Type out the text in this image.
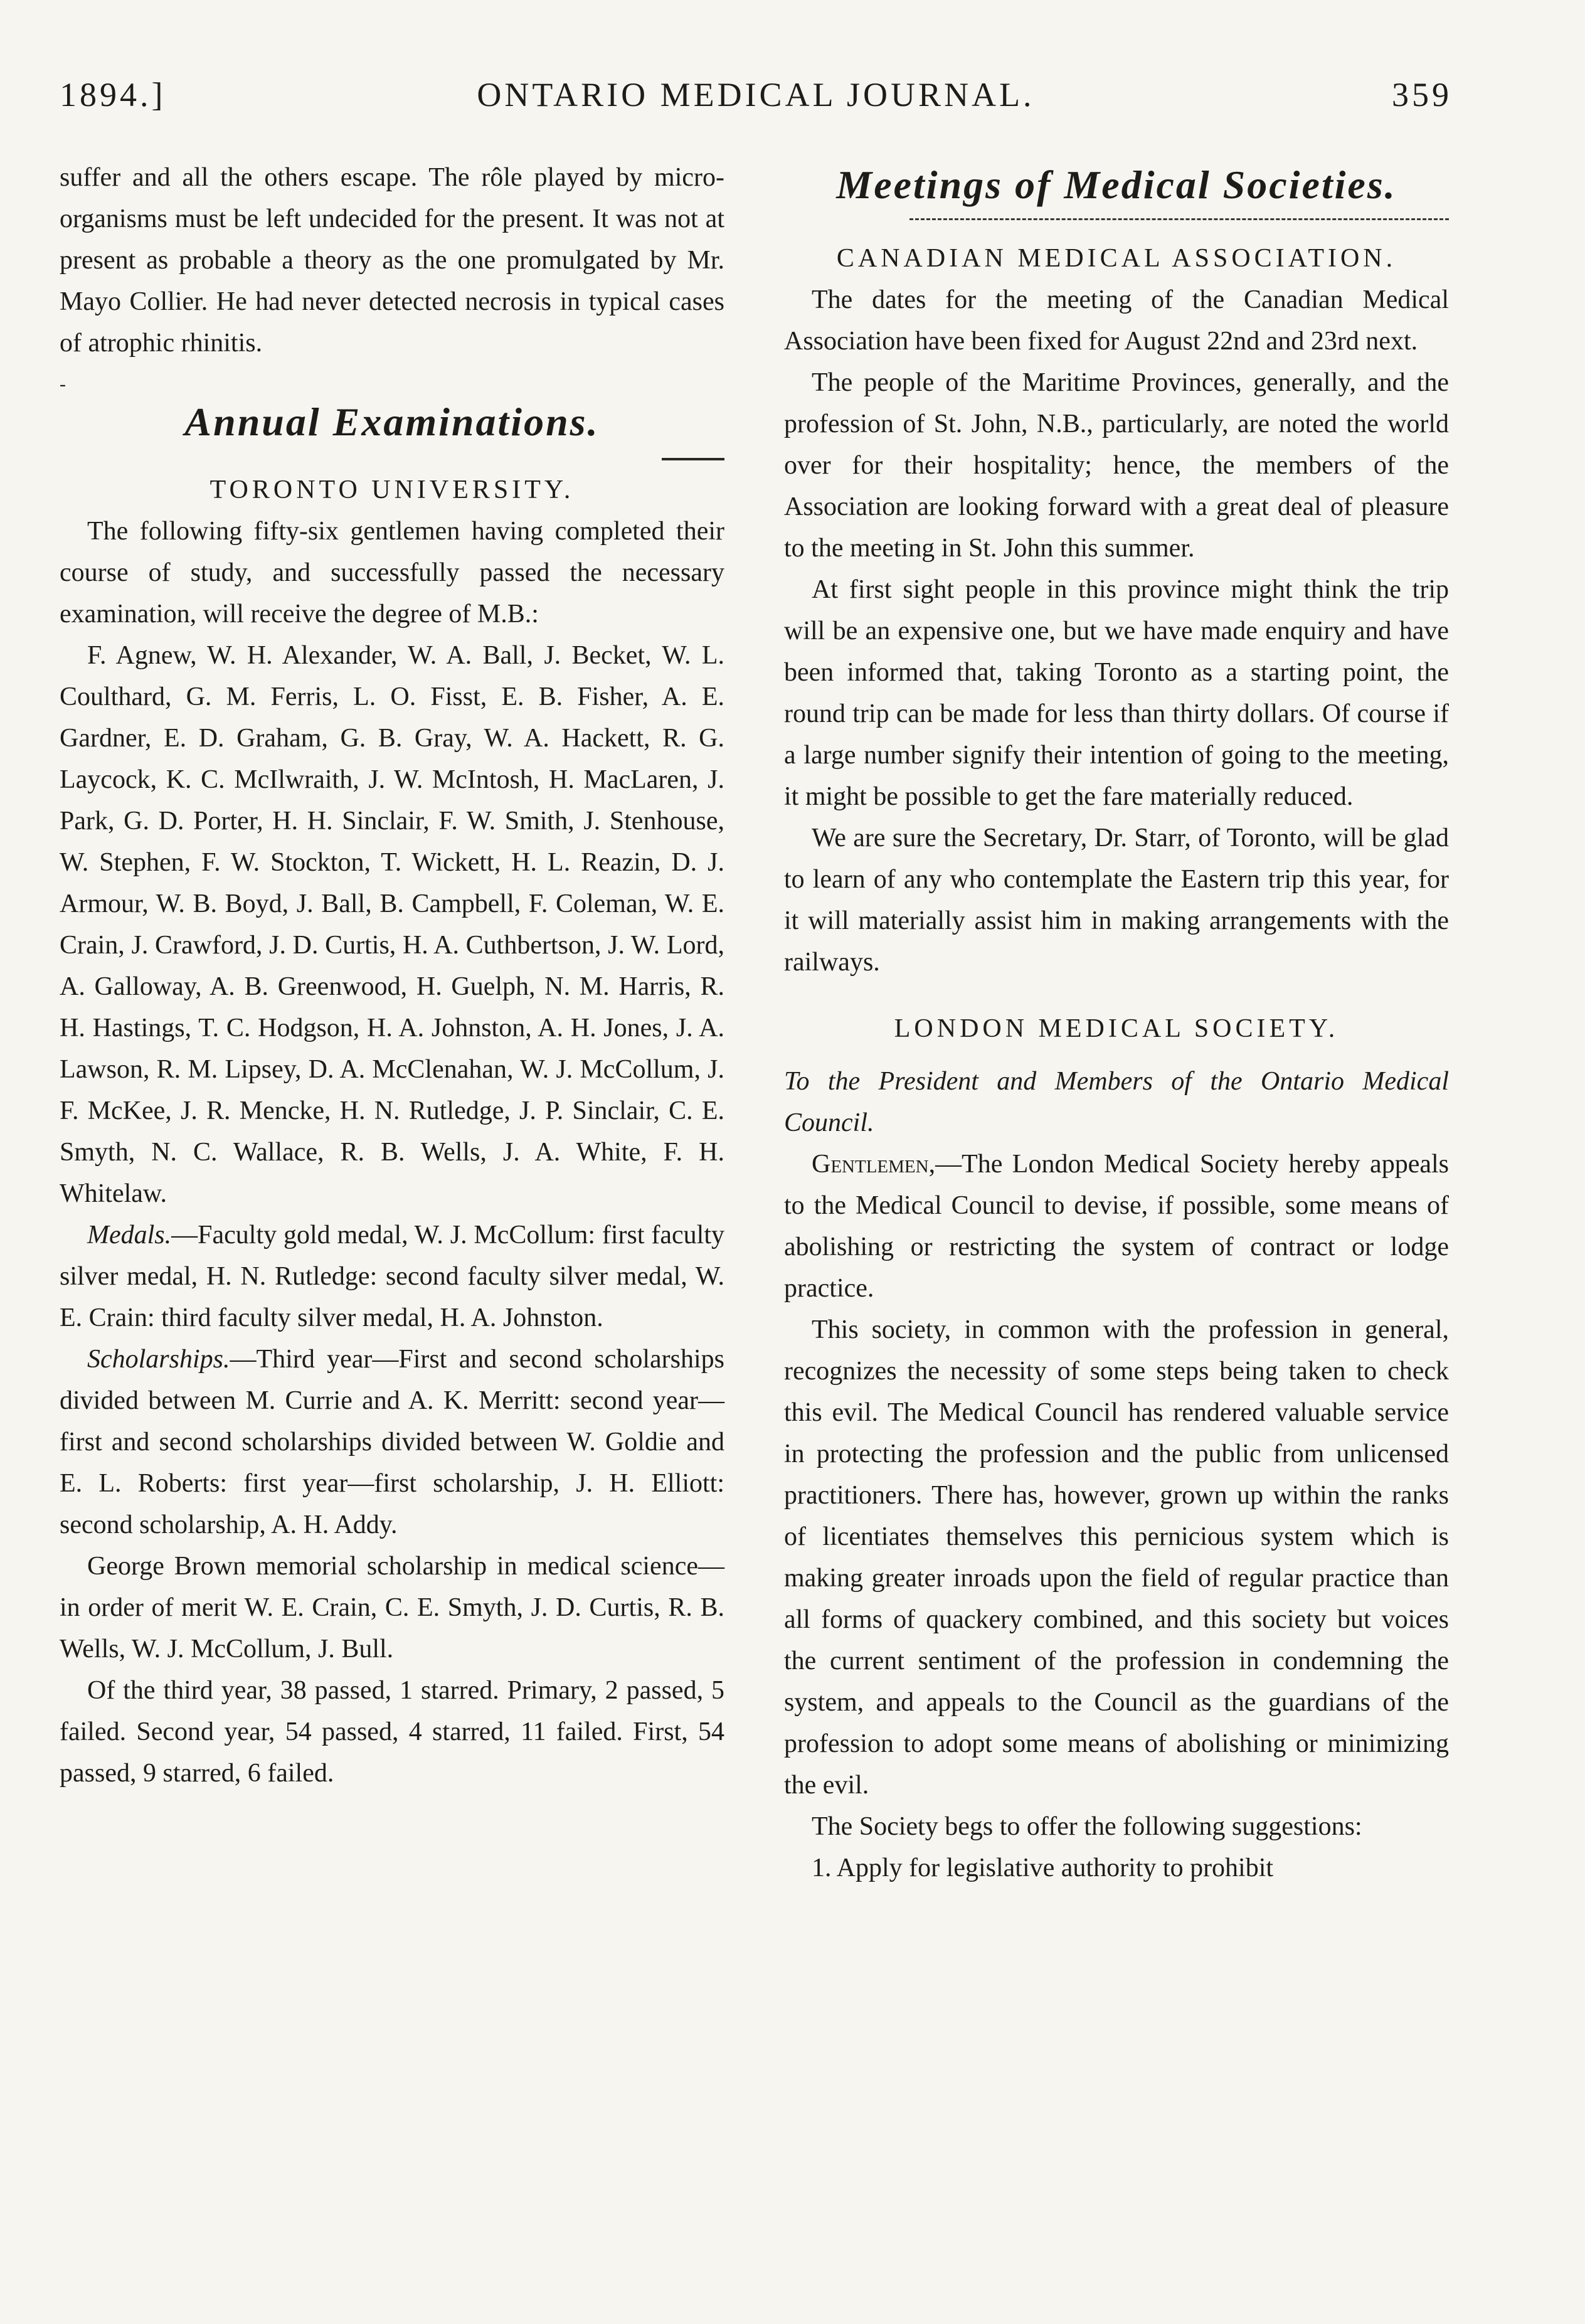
1894.]	ONTARIO MEDICAL JOURNAL.	359

suffer and all the others escape. The rôle played by micro-organisms must be left undecided for the present. It was not at present as probable a theory as the one promulgated by Mr. Mayo Collier. He had never detected necrosis in typical cases of atrophic rhinitis.

-
Annual Examinations.
TORONTO UNIVERSITY.

The following fifty-six gentlemen having completed their course of study, and successfully passed the necessary examination, will receive the degree of M.B.:

F. Agnew, W. H. Alexander, W. A. Ball, J. Becket, W. L. Coulthard, G. M. Ferris, L. O. Fisst, E. B. Fisher, A. E. Gardner, E. D. Graham, G. B. Gray, W. A. Hackett, R. G. Laycock, K. C. McIlwraith, J. W. McIntosh, H. MacLaren, J. Park, G. D. Porter, H. H. Sinclair, F. W. Smith, J. Stenhouse, W. Stephen, F. W. Stockton, T. Wickett, H. L. Reazin, D. J. Armour, W. B. Boyd, J. Ball, B. Campbell, F. Coleman, W. E. Crain, J. Crawford, J. D. Curtis, H. A. Cuthbertson, J. W. Lord, A. Galloway, A. B. Greenwood, H. Guelph, N. M. Harris, R. H. Hastings, T. C. Hodgson, H. A. Johnston, A. H. Jones, J. A. Lawson, R. M. Lipsey, D. A. McClenahan, W. J. McCollum, J. F. McKee, J. R. Mencke, H. N. Rutledge, J. P. Sinclair, C. E. Smyth, N. C. Wallace, R. B. Wells, J. A. White, F. H. Whitelaw.

Medals.—Faculty gold medal, W. J. McCollum: first faculty silver medal, H. N. Rutledge: second faculty silver medal, W. E. Crain: third faculty silver medal, H. A. Johnston.

Scholarships.—Third year—First and second scholarships divided between M. Currie and A. K. Merritt: second year—first and second scholarships divided between W. Goldie and E. L. Roberts: first year—first scholarship, J. H. Elliott: second scholarship, A. H. Addy.

George Brown memorial scholarship in medical science—in order of merit W. E. Crain, C. E. Smyth, J. D. Curtis, R. B. Wells, W. J. McCollum, J. Bull.

Of the third year, 38 passed, 1 starred. Primary, 2 passed, 5 failed. Second year, 54 passed, 4 starred, 11 failed. First, 54 passed, 9 starred, 6 failed.

Meetings of Medical Societies.
CANADIAN MEDICAL ASSOCIATION.

The dates for the meeting of the Canadian Medical Association have been fixed for August 22nd and 23rd next.

The people of the Maritime Provinces, generally, and the profession of St. John, N.B., particularly, are noted the world over for their hospitality; hence, the members of the Association are looking forward with a great deal of pleasure to the meeting in St. John this summer.

At first sight people in this province might think the trip will be an expensive one, but we have made enquiry and have been informed that, taking Toronto as a starting point, the round trip can be made for less than thirty dollars. Of course if a large number signify their intention of going to the meeting, it might be possible to get the fare materially reduced.

We are sure the Secretary, Dr. Starr, of Toronto, will be glad to learn of any who contemplate the Eastern trip this year, for it will materially assist him in making arrangements with the railways.

LONDON MEDICAL SOCIETY.

To the President and Members of the Ontario Medical Council.

Gentlemen,—The London Medical Society hereby appeals to the Medical Council to devise, if possible, some means of abolishing or restricting the system of contract or lodge practice.

This society, in common with the profession in general, recognizes the necessity of some steps being taken to check this evil. The Medical Council has rendered valuable service in protecting the profession and the public from unlicensed practitioners. There has, however, grown up within the ranks of licentiates themselves this pernicious system which is making greater inroads upon the field of regular practice than all forms of quackery combined, and this society but voices the current sentiment of the profession in condemning the system, and appeals to the Council as the guardians of the profession to adopt some means of abolishing or minimizing the evil.

The Society begs to offer the following suggestions:

1. Apply for legislative authority to prohibit
